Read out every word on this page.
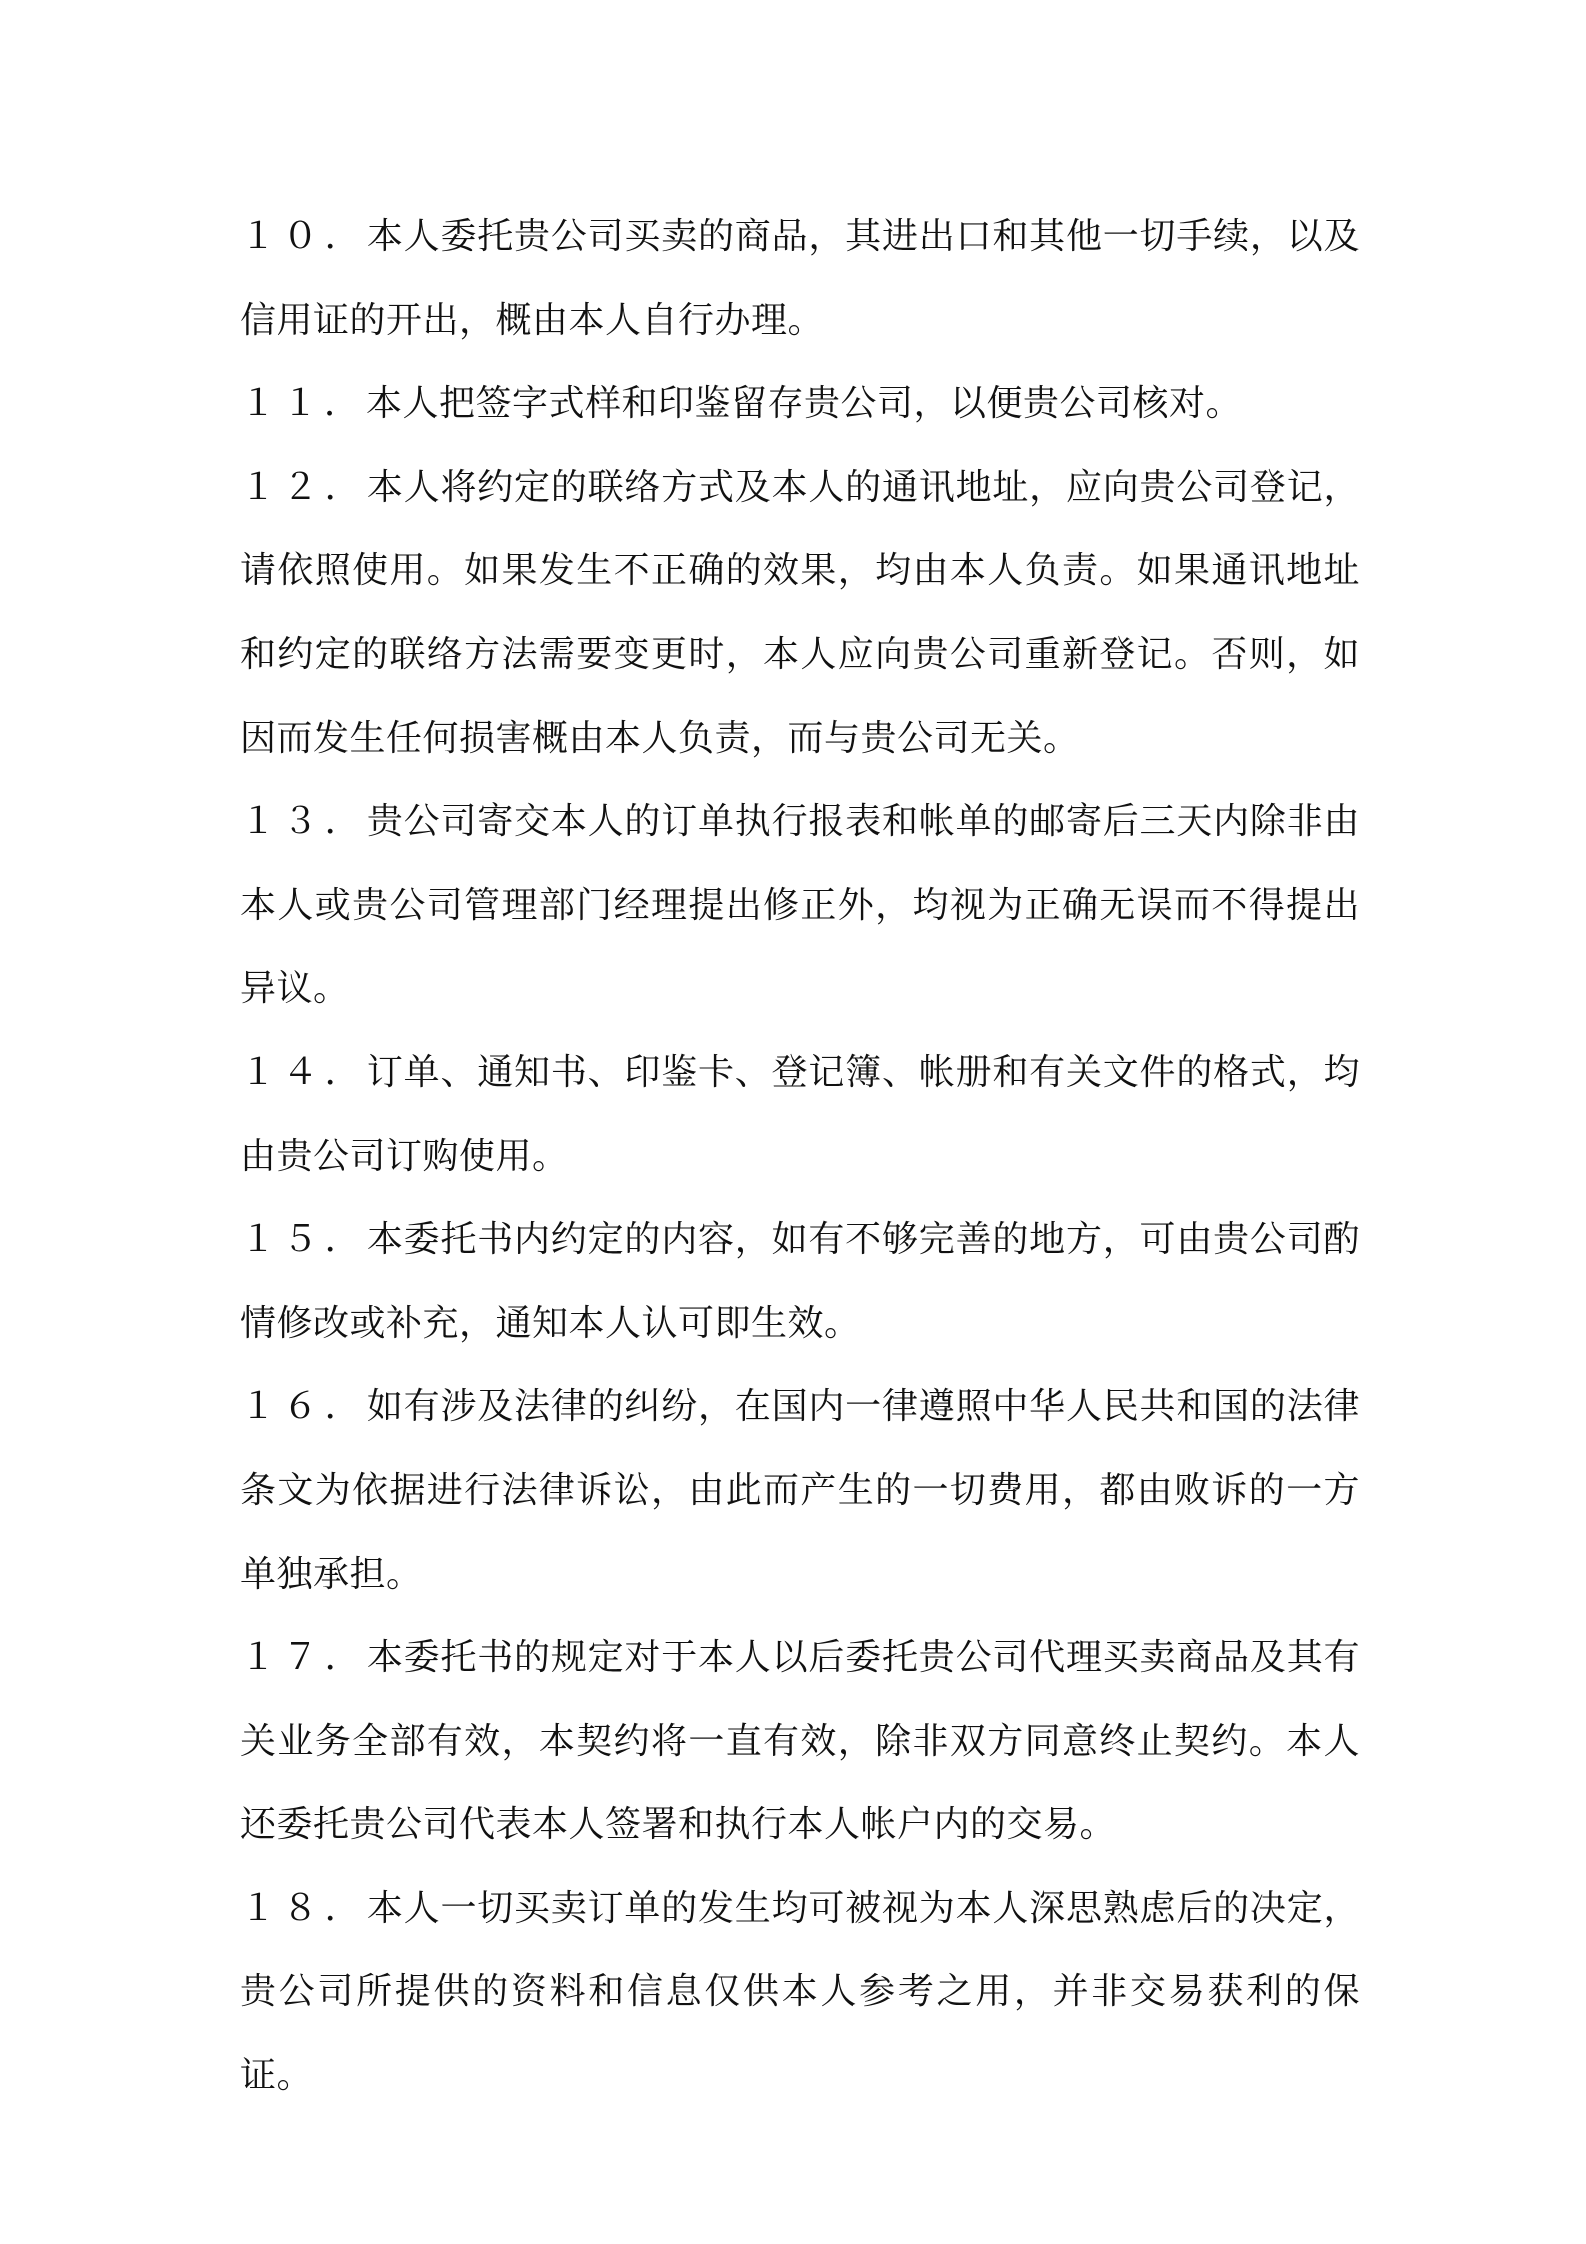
１０．本人委托贵公司买卖的商品，其进出口和其他一切手续，以及信用证的开出，概由本人自行办理。

１１．本人把签字式样和印鉴留存贵公司，以便贵公司核对。

１２．本人将约定的联络方式及本人的通讯地址，应向贵公司登记，请依照使用。如果发生不正确的效果，均由本人负责。如果通讯地址和约定的联络方法需要变更时，本人应向贵公司重新登记。否则，如因而发生任何损害概由本人负责，而与贵公司无关。

１３．贵公司寄交本人的订单执行报表和帐单的邮寄后三天内除非由本人或贵公司管理部门经理提出修正外，均视为正确无误而不得提出异议。

１４．订单、通知书、印鉴卡、登记簿、帐册和有关文件的格式，均由贵公司订购使用。

１５．本委托书内约定的内容，如有不够完善的地方，可由贵公司酌情修改或补充，通知本人认可即生效。

１６．如有涉及法律的纠纷，在国内一律遵照中华人民共和国的法律条文为依据进行法律诉讼，由此而产生的一切费用，都由败诉的一方单独承担。

１７．本委托书的规定对于本人以后委托贵公司代理买卖商品及其有关业务全部有效，本契约将一直有效，除非双方同意终止契约。本人还委托贵公司代表本人签署和执行本人帐户内的交易。

１８．本人一切买卖订单的发生均可被视为本人深思熟虑后的决定，贵公司所提供的资料和信息仅供本人参考之用，并非交易获利的保证。
